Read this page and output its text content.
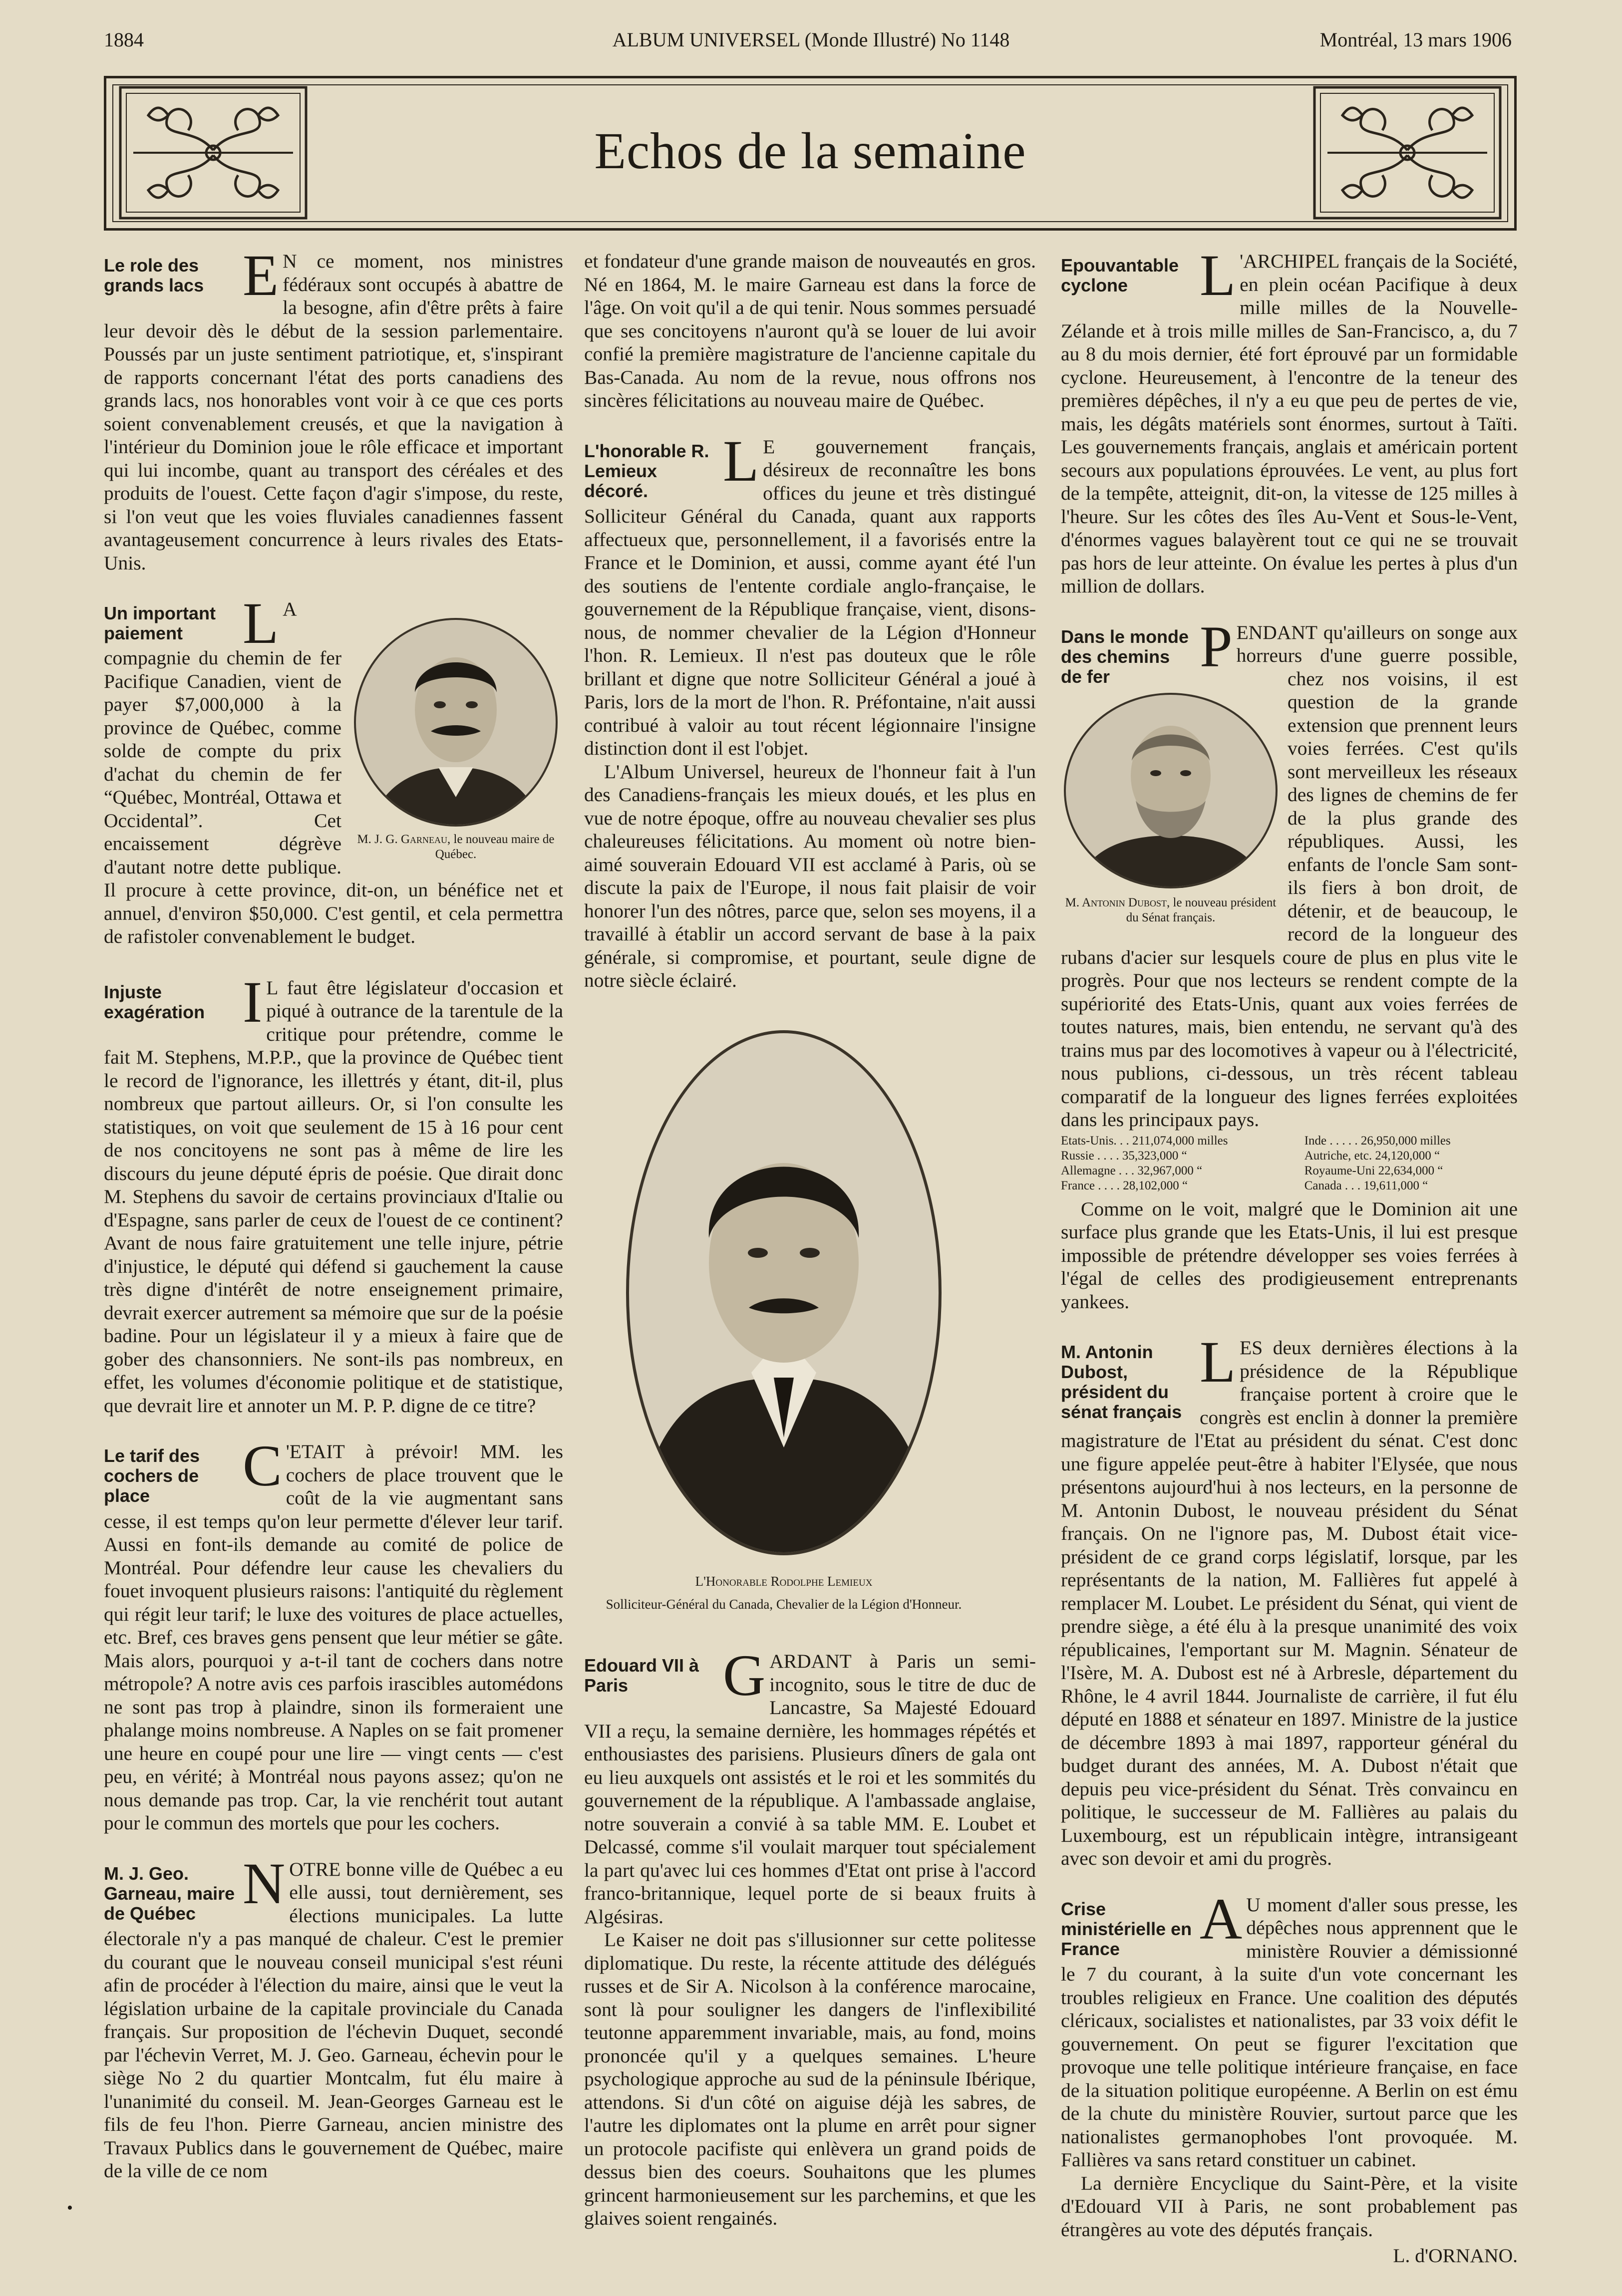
1884	ALBUM UNIVERSEL (Monde Illustré) No 1148	Montréal, 13 mars 1906
Echos de la semaine
Le role des grands lacs E N ce moment, nos ministres fédéraux sont occupés à abattre de la besogne, afin d'être prêts à faire leur devoir dès le début de la session parlementaire. Poussés par un juste sentiment patriotique, et, s'inspirant de rapports concernant l'état des ports canadiens des grands lacs, nos honorables vont voir à ce que ces ports soient convenablement creusés, et que la navigation à l'intérieur du Dominion joue le rôle efficace et important qui lui incombe, quant au transport des céréales et des produits de l'ouest. Cette façon d'agir s'impose, du reste, si l'on veut que les voies fluviales canadiennes fassent avantageusement concurrence à leurs rivales des Etats-Unis.

Un important paiement	L
M. J. G. Garneau, le nouveau maire de Québec.

A compagnie du chemin de fer Pacifique Canadien, vient de payer $7,000,000 à la province de Québec, comme solde de compte du prix d'achat du chemin de fer “Québec, Montréal, Ottawa et Occidental”. Cet encaissement dégrève d'autant notre dette publique. Il procure à cette province, dit-on, un bénéfice net et annuel, d'environ $50,000. C'est gentil, et cela permettra de rafistoler convenablement le budget.

Injuste exagération I L faut être législateur d'occasion et piqué à outrance de la tarentule de la critique pour prétendre, comme le fait M. Stephens, M.P.P., que la province de Québec tient le record de l'ignorance, les illettrés y étant, dit-il, plus nombreux que partout ailleurs. Or, si l'on consulte les statistiques, on voit que seulement de 15 à 16 pour cent de nos concitoyens ne sont pas à même de lire les discours du jeune député épris de poésie. Que dirait donc M. Stephens du savoir de certains provinciaux d'Italie ou d'Espagne, sans parler de ceux de l'ouest de ce continent? Avant de nous faire gratuitement une telle injure, pétrie d'injustice, le député qui défend si gauchement la cause très digne d'intérêt de notre enseignement primaire, devrait exercer autrement sa mémoire que sur de la poésie badine. Pour un législateur il y a mieux à faire que de gober des chansonniers. Ne sont-ils pas nombreux, en effet, les volumes d'économie politique et de statistique, que devrait lire et annoter un M. P. P. digne de ce titre?

Le tarif des cochers de place	C 'ETAIT à prévoir! MM. les cochers de place trouvent que le coût de la vie augmentant sans cesse, il est temps qu'on leur permette d'élever leur tarif. Aussi en font-ils demande au comité de police de Montréal. Pour défendre leur cause les chevaliers du fouet invoquent plusieurs raisons: l'antiquité du règlement qui régit leur tarif; le luxe des voitures de place actuelles, etc. Bref, ces braves gens pensent que leur métier se gâte. Mais alors, pourquoi y a-t-il tant de cochers dans notre métropole? A notre avis ces parfois irascibles automédons ne sont pas trop à plaindre, sinon ils formeraient une phalange moins nombreuse. A Naples on se fait promener une heure en coupé pour une lire — vingt cents — c'est peu, en vérité; à Montréal nous payons assez; qu'on ne nous demande pas trop. Car, la vie renchérit tout autant pour le commun des mortels que pour les cochers.

M. J. Geo. Garneau, maire de Québec N OTRE bonne ville de Québec a eu elle aussi, tout dernièrement, ses élections municipales. La lutte électorale n'y a pas manqué de chaleur. C'est le premier du courant que le nouveau conseil municipal s'est réuni afin de procéder à l'élection du maire, ainsi que le veut la législation urbaine de la capitale provinciale du Canada français. Sur proposition de l'échevin Duquet, secondé par l'échevin Verret, M. J. Geo. Garneau, échevin pour le siège No 2 du quartier Montcalm, fut élu maire à l'unanimité du conseil. M. Jean-Georges Garneau est le fils de feu l'hon. Pierre Garneau, ancien ministre des Travaux Publics dans le gouvernement de Québec, maire de la ville de ce nom

et fondateur d'une grande maison de nouveautés en gros. Né en 1864, M. le maire Garneau est dans la force de l'âge. On voit qu'il a de qui tenir. Nous sommes persuadé que ses concitoyens n'auront qu'à se louer de lui avoir confié la première magistrature de l'ancienne capitale du Bas-Canada. Au nom de la revue, nous offrons nos sincères félicitations au nouveau maire de Québec.

L'honorable R. Lemieux décoré.	L E gouvernement français, désireux de reconnaître les bons offices du jeune et très distingué Solliciteur Général du Canada, quant aux rapports affectueux que, personnellement, il a favorisés entre la France et le Dominion, et aussi, comme ayant été l'un des soutiens de l'entente cordiale anglo-française, le gouvernement de la République française, vient, disons-nous, de nommer chevalier de la Légion d'Honneur l'hon. R. Lemieux. Il n'est pas douteux que le rôle brillant et digne que notre Solliciteur Général a joué à Paris, lors de la mort de l'hon. R. Préfontaine, n'ait aussi contribué à valoir au tout récent légionnaire l'insigne distinction dont il est l'objet.

L'Album Universel, heureux de l'honneur fait à l'un des Canadiens-français les mieux doués, et les plus en vue de notre époque, offre au nouveau chevalier ses plus chaleureuses félicitations. Au moment où notre bien-aimé souverain Edouard VII est acclamé à Paris, où se discute la paix de l'Europe, il nous fait plaisir de voir honorer l'un des nôtres, parce que, selon ses moyens, il a travaillé à établir un accord servant de base à la paix générale, si compromise, et pourtant, seule digne de notre siècle éclairé.

L'Honorable Rodolphe Lemieux
Solliciteur-Général du Canada, Chevalier de la Légion d'Honneur.
Edouard VII à Paris	G ARDANT à Paris un semi-incognito, sous le titre de duc de Lancastre, Sa Majesté Edouard VII a reçu, la semaine dernière, les hommages répétés et enthousiastes des parisiens. Plusieurs dîners de gala ont eu lieu auxquels ont assistés et le roi et les sommités du gouvernement de la république. A l'ambassade anglaise, notre souverain a convié à sa table MM. E. Loubet et Delcassé, comme s'il voulait marquer tout spécialement la part qu'avec lui ces hommes d'Etat ont prise à l'accord franco-britannique, lequel porte de si beaux fruits à Algésiras.

Le Kaiser ne doit pas s'illusionner sur cette politesse diplomatique. Du reste, la récente attitude des délégués russes et de Sir A. Nicolson à la conférence marocaine, sont là pour souligner les dangers de l'inflexibilité teutonne apparemment invariable, mais, au fond, moins prononcée qu'il y a quelques semaines. L'heure psychologique approche au sud de la péninsule Ibérique, attendons. Si d'un côté on aiguise déjà les sabres, de l'autre les diplomates ont la plume en arrêt pour signer un protocole pacifiste qui enlèvera un grand poids de dessus bien des coeurs. Souhaitons que les plumes grincent harmonieusement sur les parchemins, et que les glaives soient rengainés.

Epouvantable cyclone	L 'ARCHIPEL français de la Société, en plein océan Pacifique à deux mille milles de la Nouvelle-Zélande et à trois mille milles de San-Francisco, a, du 7 au 8 du mois dernier, été fort éprouvé par un formidable cyclone. Heureusement, à l'encontre de la teneur des premières dépêches, il n'y a eu que peu de pertes de vie, mais, les dégâts matériels sont énormes, surtout à Taïti. Les gouvernements français, anglais et américain portent secours aux populations éprouvées. Le vent, au plus fort de la tempête, atteignit, dit-on, la vitesse de 125 milles à l'heure. Sur les côtes des îles Au-Vent et Sous-le-Vent, d'énormes vagues balayèrent tout ce qui ne se trouvait pas hors de leur atteinte. On évalue les pertes à plus d'un million de dollars.

Dans le monde des chemins de fer	P
M. Antonin Dubost, le nouveau président du Sénat français.

ENDANT qu'ailleurs on songe aux horreurs d'une guerre possible, chez nos voisins, il est question de la grande extension que prennent leurs voies ferrées. C'est qu'ils sont merveilleux les réseaux des lignes de chemins de fer de la plus grande des républiques. Aussi, les enfants de l'oncle Sam sont-ils fiers à bon droit, de détenir, et de beaucoup, le record de la longueur des rubans d'acier sur lesquels coure de plus en plus vite le progrès. Pour que nos lecteurs se rendent compte de la supériorité des Etats-Unis, quant aux voies ferrées de toutes natures, mais, bien entendu, ne servant qu'à des trains mus par des locomotives à vapeur ou à l'électricité, nous publions, ci-dessous, un très récent tableau comparatif de la longueur des lignes ferrées exploitées dans les principaux pays.

Etats-Unis. . . 211,074,000 milles	Inde . . . . . 26,950,000 milles
Russie . . . . 35,323,000 “	Autriche, etc. 24,120,000 “
Allemagne . . . 32,967,000 “	Royaume-Uni 22,634,000 “
France . . . . 28,102,000 “	Canada . . . 19,611,000 “

Comme on le voit, malgré que le Dominion ait une surface plus grande que les Etats-Unis, il lui est presque impossible de prétendre développer ses voies ferrées à l'égal de celles des prodigieusement entreprenants yankees.

M. Antonin Dubost, président du sénat français
L ES deux dernières élections à la présidence de la République française portent à croire que le congrès est enclin à donner la première magistrature de l'Etat au président du sénat. C'est donc une figure appelée peut-être à habiter l'Elysée, que nous présentons aujourd'hui à nos lecteurs, en la personne de M. Antonin Dubost, le nouveau président du Sénat français. On ne l'ignore pas, M. Dubost était vice-président de ce grand corps législatif, lorsque, par les représentants de la nation, M. Fallières fut appelé à remplacer M. Loubet. Le président du Sénat, qui vient de prendre siège, a été élu à la presque unanimité des voix républicaines, l'emportant sur M. Magnin. Sénateur de l'Isère, M. A. Dubost est né à Arbresle, département du Rhône, le 4 avril 1844. Journaliste de carrière, il fut élu député en 1888 et sénateur en 1897. Ministre de la justice de décembre 1893 à mai 1897, rapporteur général du budget durant des années, M. A. Dubost n'était que depuis peu vice-président du Sénat. Très convaincu en politique, le successeur de M. Fallières au palais du Luxembourg, est un républicain intègre, intransigeant avec son devoir et ami du progrès.

Crise ministérielle en France	A U moment d'aller sous presse, les dépêches nous apprennent que le ministère Rouvier a démissionné le 7 du courant, à la suite d'un vote concernant les troubles religieux en France. Une coalition des députés cléricaux, socialistes et nationalistes, par 33 voix défit le gouvernement. On peut se figurer l'excitation que provoque une telle politique intérieure française, en face de la situation politique européenne. A Berlin on est ému de la chute du ministère Rouvier, surtout parce que les nationalistes germanophobes l'ont provoquée. M. Fallières va sans retard constituer un cabinet.

La dernière Encyclique du Saint-Père, et la visite d'Edouard VII à Paris, ne sont probablement pas étrangères au vote des députés français.

L. d'ORNANO.
•
